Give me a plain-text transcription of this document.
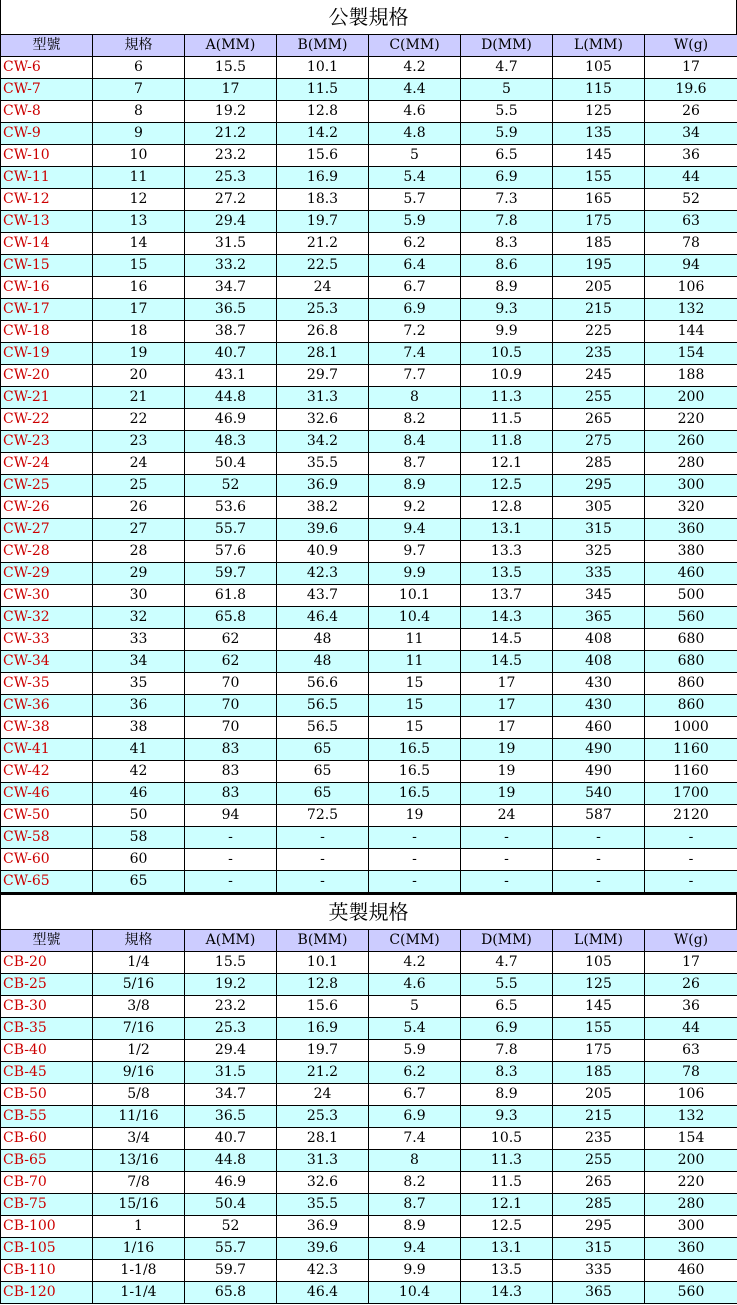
公製規格
型號	規格	A(MM)	B(MM)	C(MM)	D(MM)	L(MM)	W(g)
CW-6	6	15.5	10.1	4.2	4.7	105	17
CW-7	7	17	11.5	4.4	5	115	19.6
CW-8	8	19.2	12.8	4.6	5.5	125	26
CW-9	9	21.2	14.2	4.8	5.9	135	34
CW-10	10	23.2	15.6	5	6.5	145	36
CW-11	11	25.3	16.9	5.4	6.9	155	44
CW-12	12	27.2	18.3	5.7	7.3	165	52
CW-13	13	29.4	19.7	5.9	7.8	175	63
CW-14	14	31.5	21.2	6.2	8.3	185	78
CW-15	15	33.2	22.5	6.4	8.6	195	94
CW-16	16	34.7	24	6.7	8.9	205	106
CW-17	17	36.5	25.3	6.9	9.3	215	132
CW-18	18	38.7	26.8	7.2	9.9	225	144
CW-19	19	40.7	28.1	7.4	10.5	235	154
CW-20	20	43.1	29.7	7.7	10.9	245	188
CW-21	21	44.8	31.3	8	11.3	255	200
CW-22	22	46.9	32.6	8.2	11.5	265	220
CW-23	23	48.3	34.2	8.4	11.8	275	260
CW-24	24	50.4	35.5	8.7	12.1	285	280
CW-25	25	52	36.9	8.9	12.5	295	300
CW-26	26	53.6	38.2	9.2	12.8	305	320
CW-27	27	55.7	39.6	9.4	13.1	315	360
CW-28	28	57.6	40.9	9.7	13.3	325	380
CW-29	29	59.7	42.3	9.9	13.5	335	460
CW-30	30	61.8	43.7	10.1	13.7	345	500
CW-32	32	65.8	46.4	10.4	14.3	365	560
CW-33	33	62	48	11	14.5	408	680
CW-34	34	62	48	11	14.5	408	680
CW-35	35	70	56.6	15	17	430	860
CW-36	36	70	56.5	15	17	430	860
CW-38	38	70	56.5	15	17	460	1000
CW-41	41	83	65	16.5	19	490	1160
CW-42	42	83	65	16.5	19	490	1160
CW-46	46	83	65	16.5	19	540	1700
CW-50	50	94	72.5	19	24	587	2120
CW-58	58	-	-	-	-	-	-
CW-60	60	-	-	-	-	-	-
CW-65	65	-	-	-	-	-	-
英製規格
型號	規格	A(MM)	B(MM)	C(MM)	D(MM)	L(MM)	W(g)
CB-20	1/4	15.5	10.1	4.2	4.7	105	17
CB-25	5/16	19.2	12.8	4.6	5.5	125	26
CB-30	3/8	23.2	15.6	5	6.5	145	36
CB-35	7/16	25.3	16.9	5.4	6.9	155	44
CB-40	1/2	29.4	19.7	5.9	7.8	175	63
CB-45	9/16	31.5	21.2	6.2	8.3	185	78
CB-50	5/8	34.7	24	6.7	8.9	205	106
CB-55	11/16	36.5	25.3	6.9	9.3	215	132
CB-60	3/4	40.7	28.1	7.4	10.5	235	154
CB-65	13/16	44.8	31.3	8	11.3	255	200
CB-70	7/8	46.9	32.6	8.2	11.5	265	220
CB-75	15/16	50.4	35.5	8.7	12.1	285	280
CB-100	1	52	36.9	8.9	12.5	295	300
CB-105	1/16	55.7	39.6	9.4	13.1	315	360
CB-110	1-1/8	59.7	42.3	9.9	13.5	335	460
CB-120	1-1/4	65.8	46.4	10.4	14.3	365	560
